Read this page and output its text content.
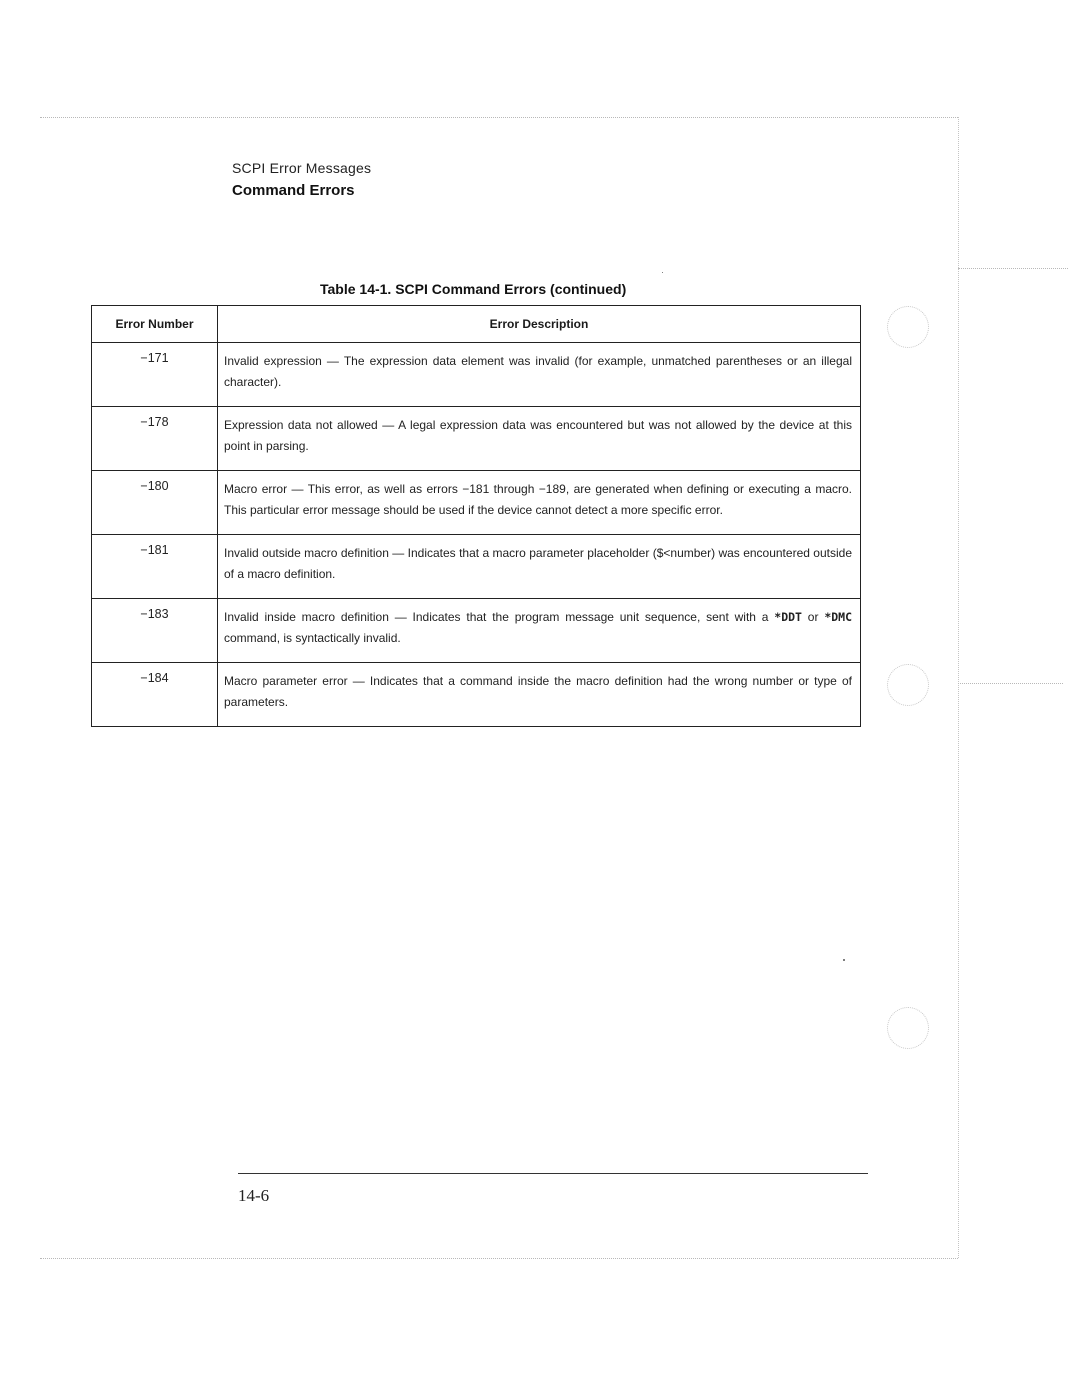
SCPI Error Messages
Command Errors
Table 14-1. SCPI Command Errors (continued)
Error Number	Error Description
−171	Invalid expression — The expression data element was invalid (for example, unmatched parentheses or an illegal character).
−178	Expression data not allowed — A legal expression data was encountered but was not allowed by the device at this point in parsing.
−180	Macro error — This error, as well as errors −181 through −189, are generated when defining or executing a macro. This particular error message should be used if the device cannot detect a more specific error.
−181	Invalid outside macro definition — Indicates that a macro parameter placeholder ($<number) was encountered outside of a macro definition.
−183	Invalid inside macro definition — Indicates that the program message unit sequence, sent with a *DDT or *DMC command, is syntactically invalid.
−184	Macro parameter error — Indicates that a command inside the macro definition had the wrong number or type of parameters.
14-6
